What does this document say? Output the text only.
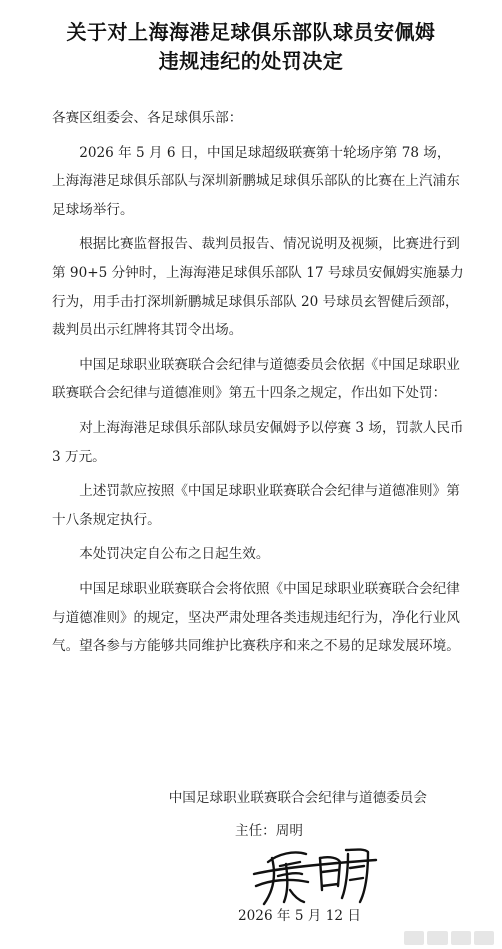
关于对上海海港足球俱乐部队球员安佩姆
违规违纪的处罚决定

各赛区组委会、各足球俱乐部：

2026 年 5 月 6 日，中国足球超级联赛第十轮场序第 78 场，上海海港足球俱乐部队与深圳新鹏城足球俱乐部队的比赛在上汽浦东足球场举行。

根据比赛监督报告、裁判员报告、情况说明及视频，比赛进行到第 90+5 分钟时，上海海港足球俱乐部队 17 号球员安佩姆实施暴力行为，用手击打深圳新鹏城足球俱乐部队 20 号球员玄智健后颈部，裁判员出示红牌将其罚令出场。

中国足球职业联赛联合会纪律与道德委员会依据《中国足球职业联赛联合会纪律与道德准则》第五十四条之规定，作出如下处罚：

对上海海港足球俱乐部队球员安佩姆予以停赛 3 场，罚款人民币 3 万元。

上述罚款应按照《中国足球职业联赛联合会纪律与道德准则》第十八条规定执行。

本处罚决定自公布之日起生效。

中国足球职业联赛联合会将依照《中国足球职业联赛联合会纪律与道德准则》的规定，坚决严肃处理各类违规违纪行为，净化行业风气。望各参与方能够共同维护比赛秩序和来之不易的足球发展环境。

中国足球职业联赛联合会纪律与道德委员会
主任：周明
2026 年 5 月 12 日
